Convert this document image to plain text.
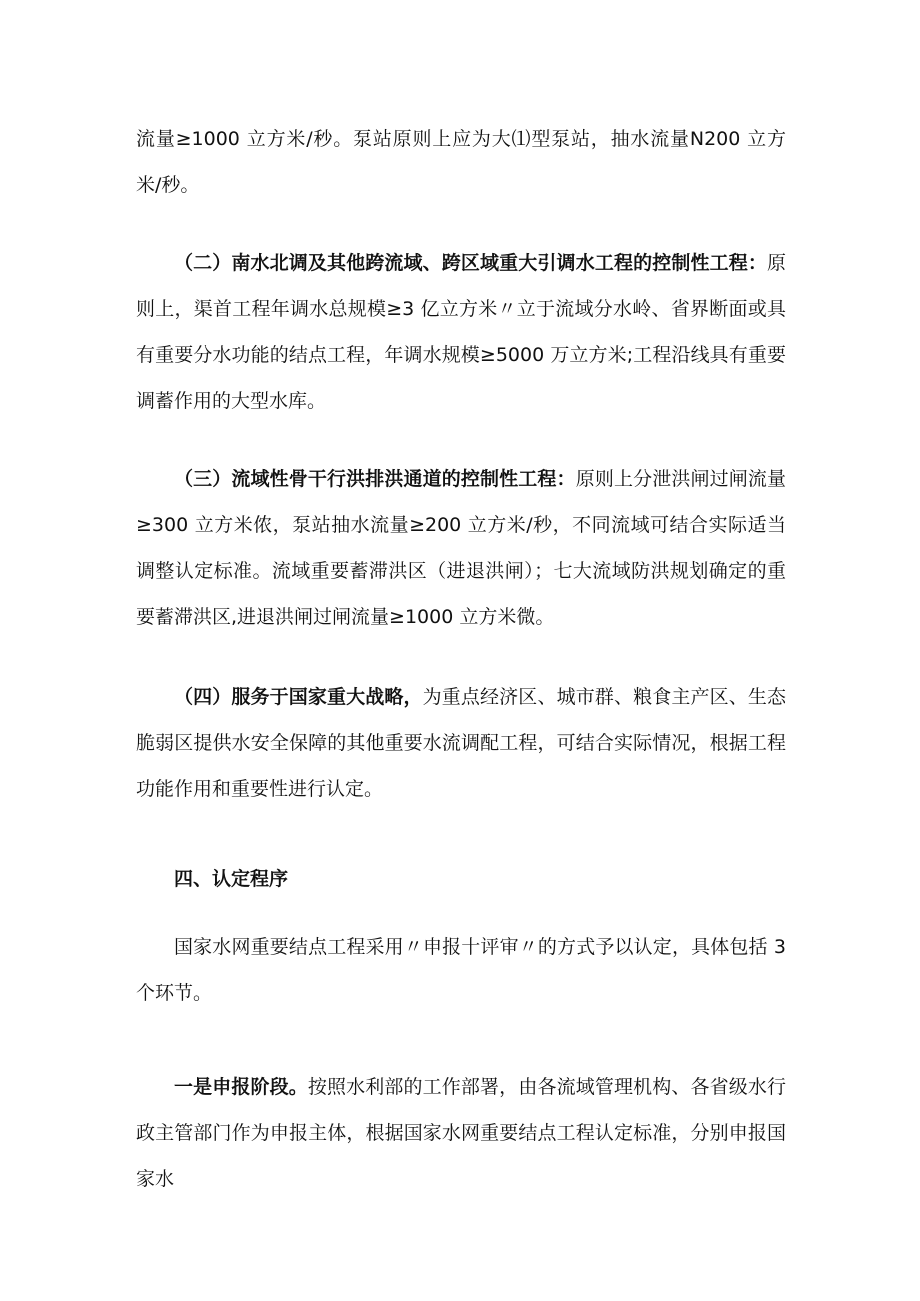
流量≥1000 立方米/秒。泵站原则上应为大⑴型泵站，抽水流量N200 立方米/秒。

（二）南水北调及其他跨流域、跨区域重大引调水工程的控制性工程：原则上，渠首工程年调水总规模≥3 亿立方米〃立于流域分水岭、省界断面或具有重要分水功能的结点工程，年调水规模≥5000 万立方米;工程沿线具有重要调蓄作用的大型水库。

（三）流域性骨干行洪排洪通道的控制性工程：原则上分泄洪闸过闸流量≥300 立方米侬，泵站抽水流量≥200 立方米/秒，不同流域可结合实际适当调整认定标准。流域重要蓄滞洪区（进退洪闸）；七大流域防洪规划确定的重要蓄滞洪区,进退洪闸过闸流量≥1000 立方米微。

（四）服务于国家重大战略，为重点经济区、城市群、粮食主产区、生态脆弱区提供水安全保障的其他重要水流调配工程，可结合实际情况，根据工程功能作用和重要性进行认定。

四、认定程序

国家水网重要结点工程采用〃申报十评审〃的方式予以认定，具体包括 3 个环节。

一是申报阶段。按照水利部的工作部署，由各流域管理机构、各省级水行政主管部门作为申报主体，根据国家水网重要结点工程认定标准，分别申报国家水
